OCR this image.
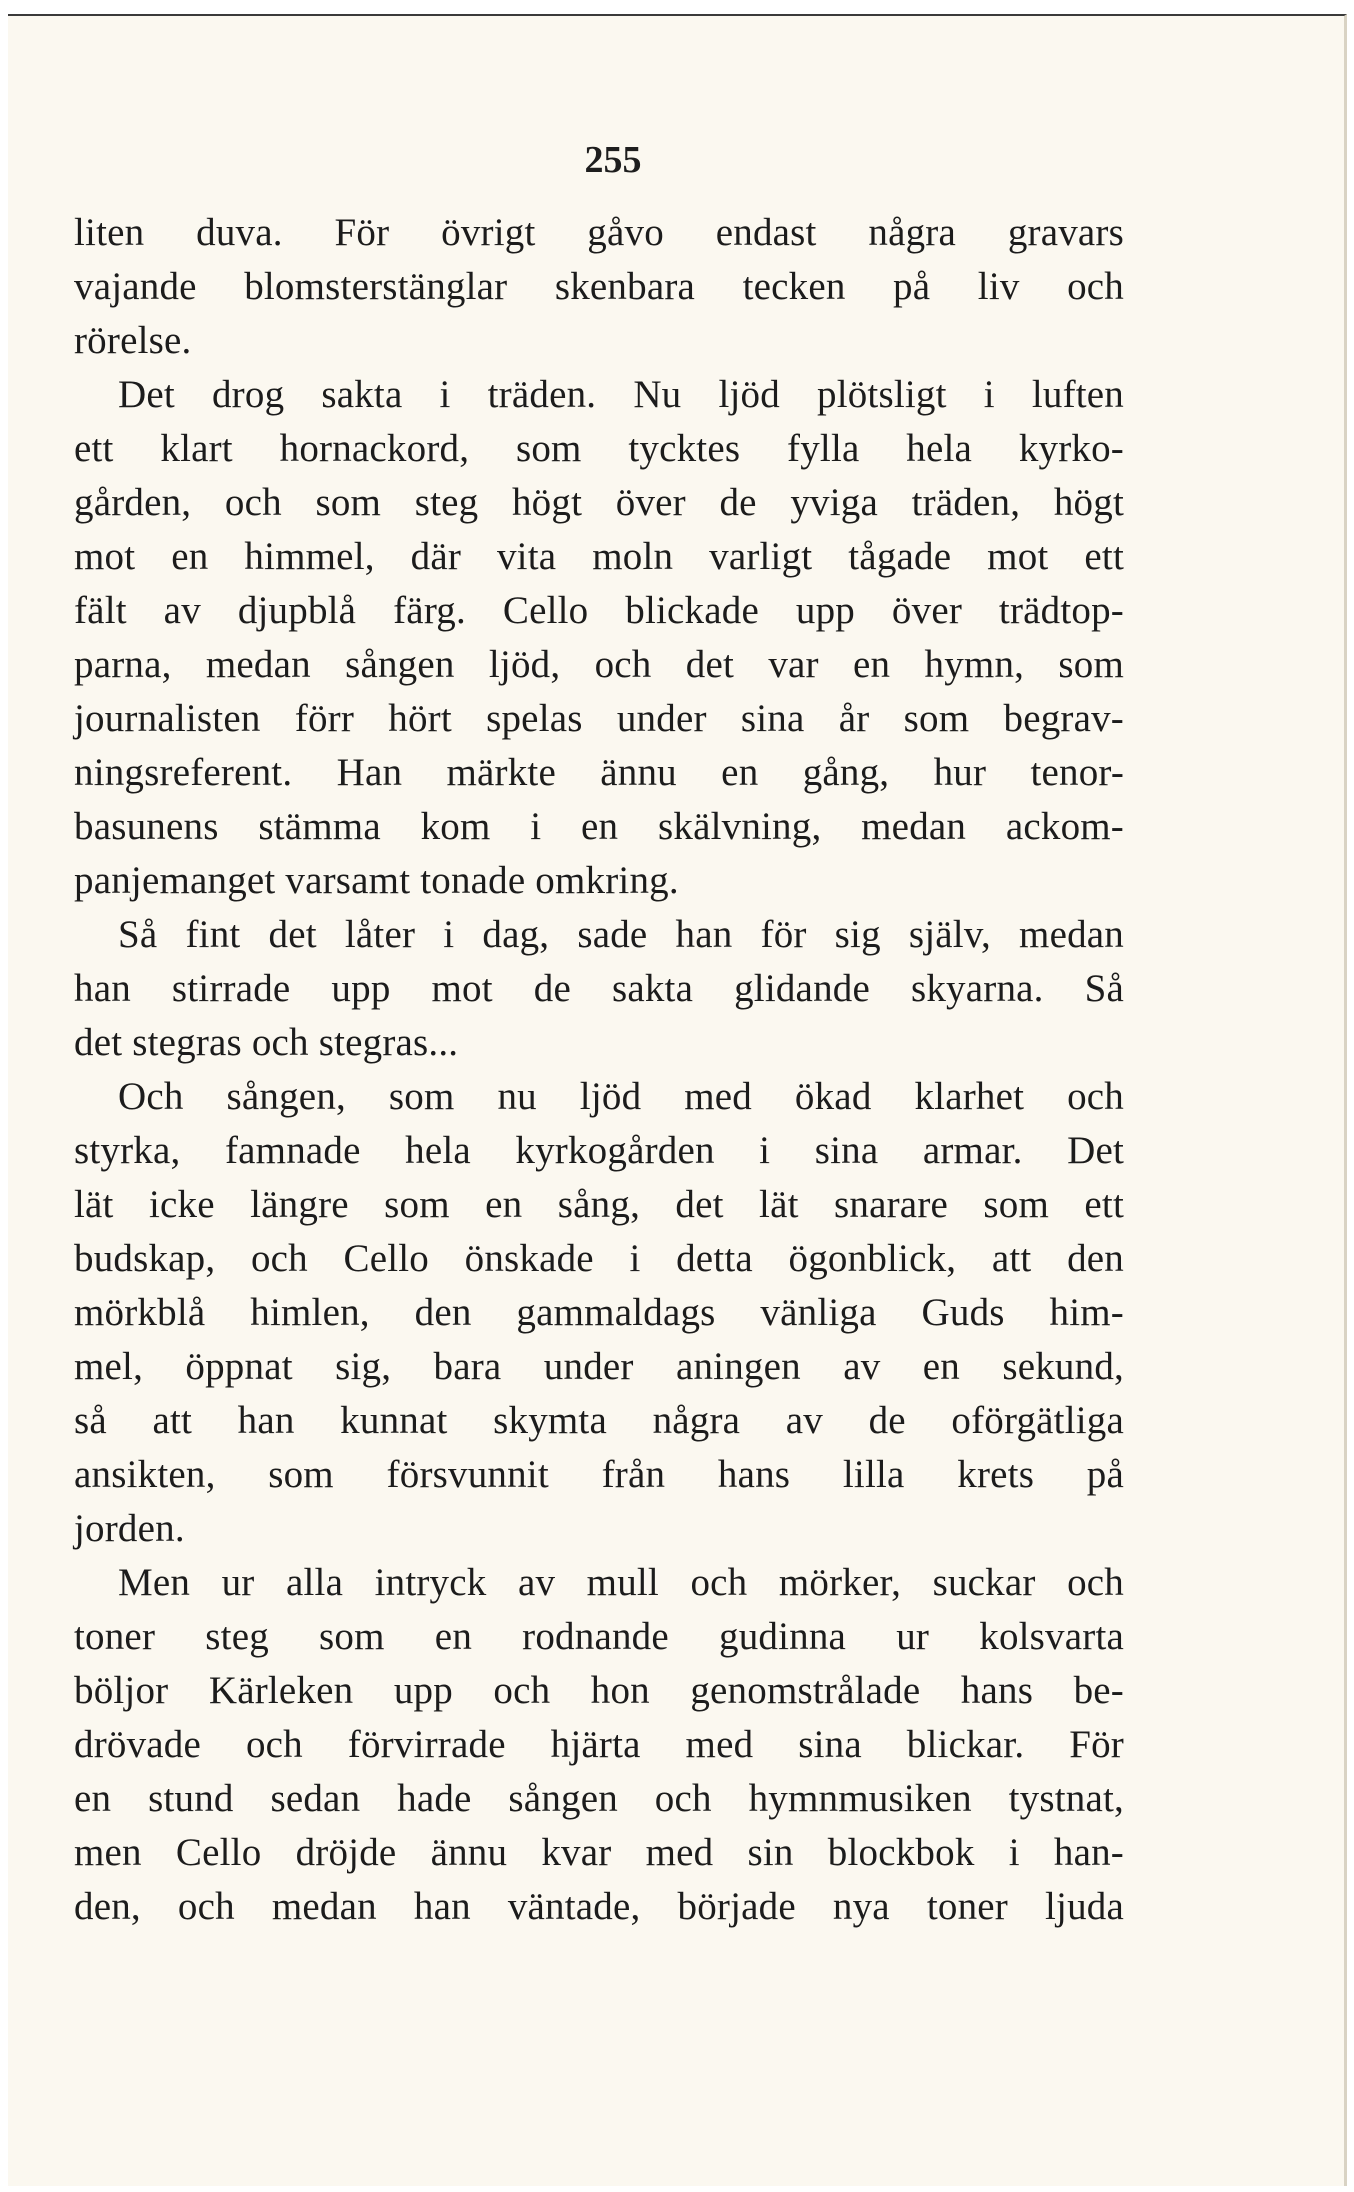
255
liten duva. För övrigt gåvo endast några gravars
vajande blomsterstänglar skenbara tecken på liv och
rörelse.
Det drog sakta i träden. Nu ljöd plötsligt i luften
ett klart hornackord, som tycktes fylla hela kyrko-
gården, och som steg högt över de yviga träden, högt
mot en himmel, där vita moln varligt tågade mot ett
fält av djupblå färg. Cello blickade upp över trädtop-
parna, medan sången ljöd, och det var en hymn, som
journalisten förr hört spelas under sina år som begrav-
ningsreferent. Han märkte ännu en gång, hur tenor-
basunens stämma kom i en skälvning, medan ackom-
panjemanget varsamt tonade omkring.
Så fint det låter i dag, sade han för sig själv, medan
han stirrade upp mot de sakta glidande skyarna. Så
det stegras och stegras...
Och sången, som nu ljöd med ökad klarhet och
styrka, famnade hela kyrkogården i sina armar. Det
lät icke längre som en sång, det lät snarare som ett
budskap, och Cello önskade i detta ögonblick, att den
mörkblå himlen, den gammaldags vänliga Guds him-
mel, öppnat sig, bara under aningen av en sekund,
så att han kunnat skymta några av de oförgätliga
ansikten, som försvunnit från hans lilla krets på
jorden.
Men ur alla intryck av mull och mörker, suckar och
toner steg som en rodnande gudinna ur kolsvarta
böljor Kärleken upp och hon genomstrålade hans be-
drövade och förvirrade hjärta med sina blickar. För
en stund sedan hade sången och hymnmusiken tystnat,
men Cello dröjde ännu kvar med sin blockbok i han-
den, och medan han väntade, började nya toner ljuda
